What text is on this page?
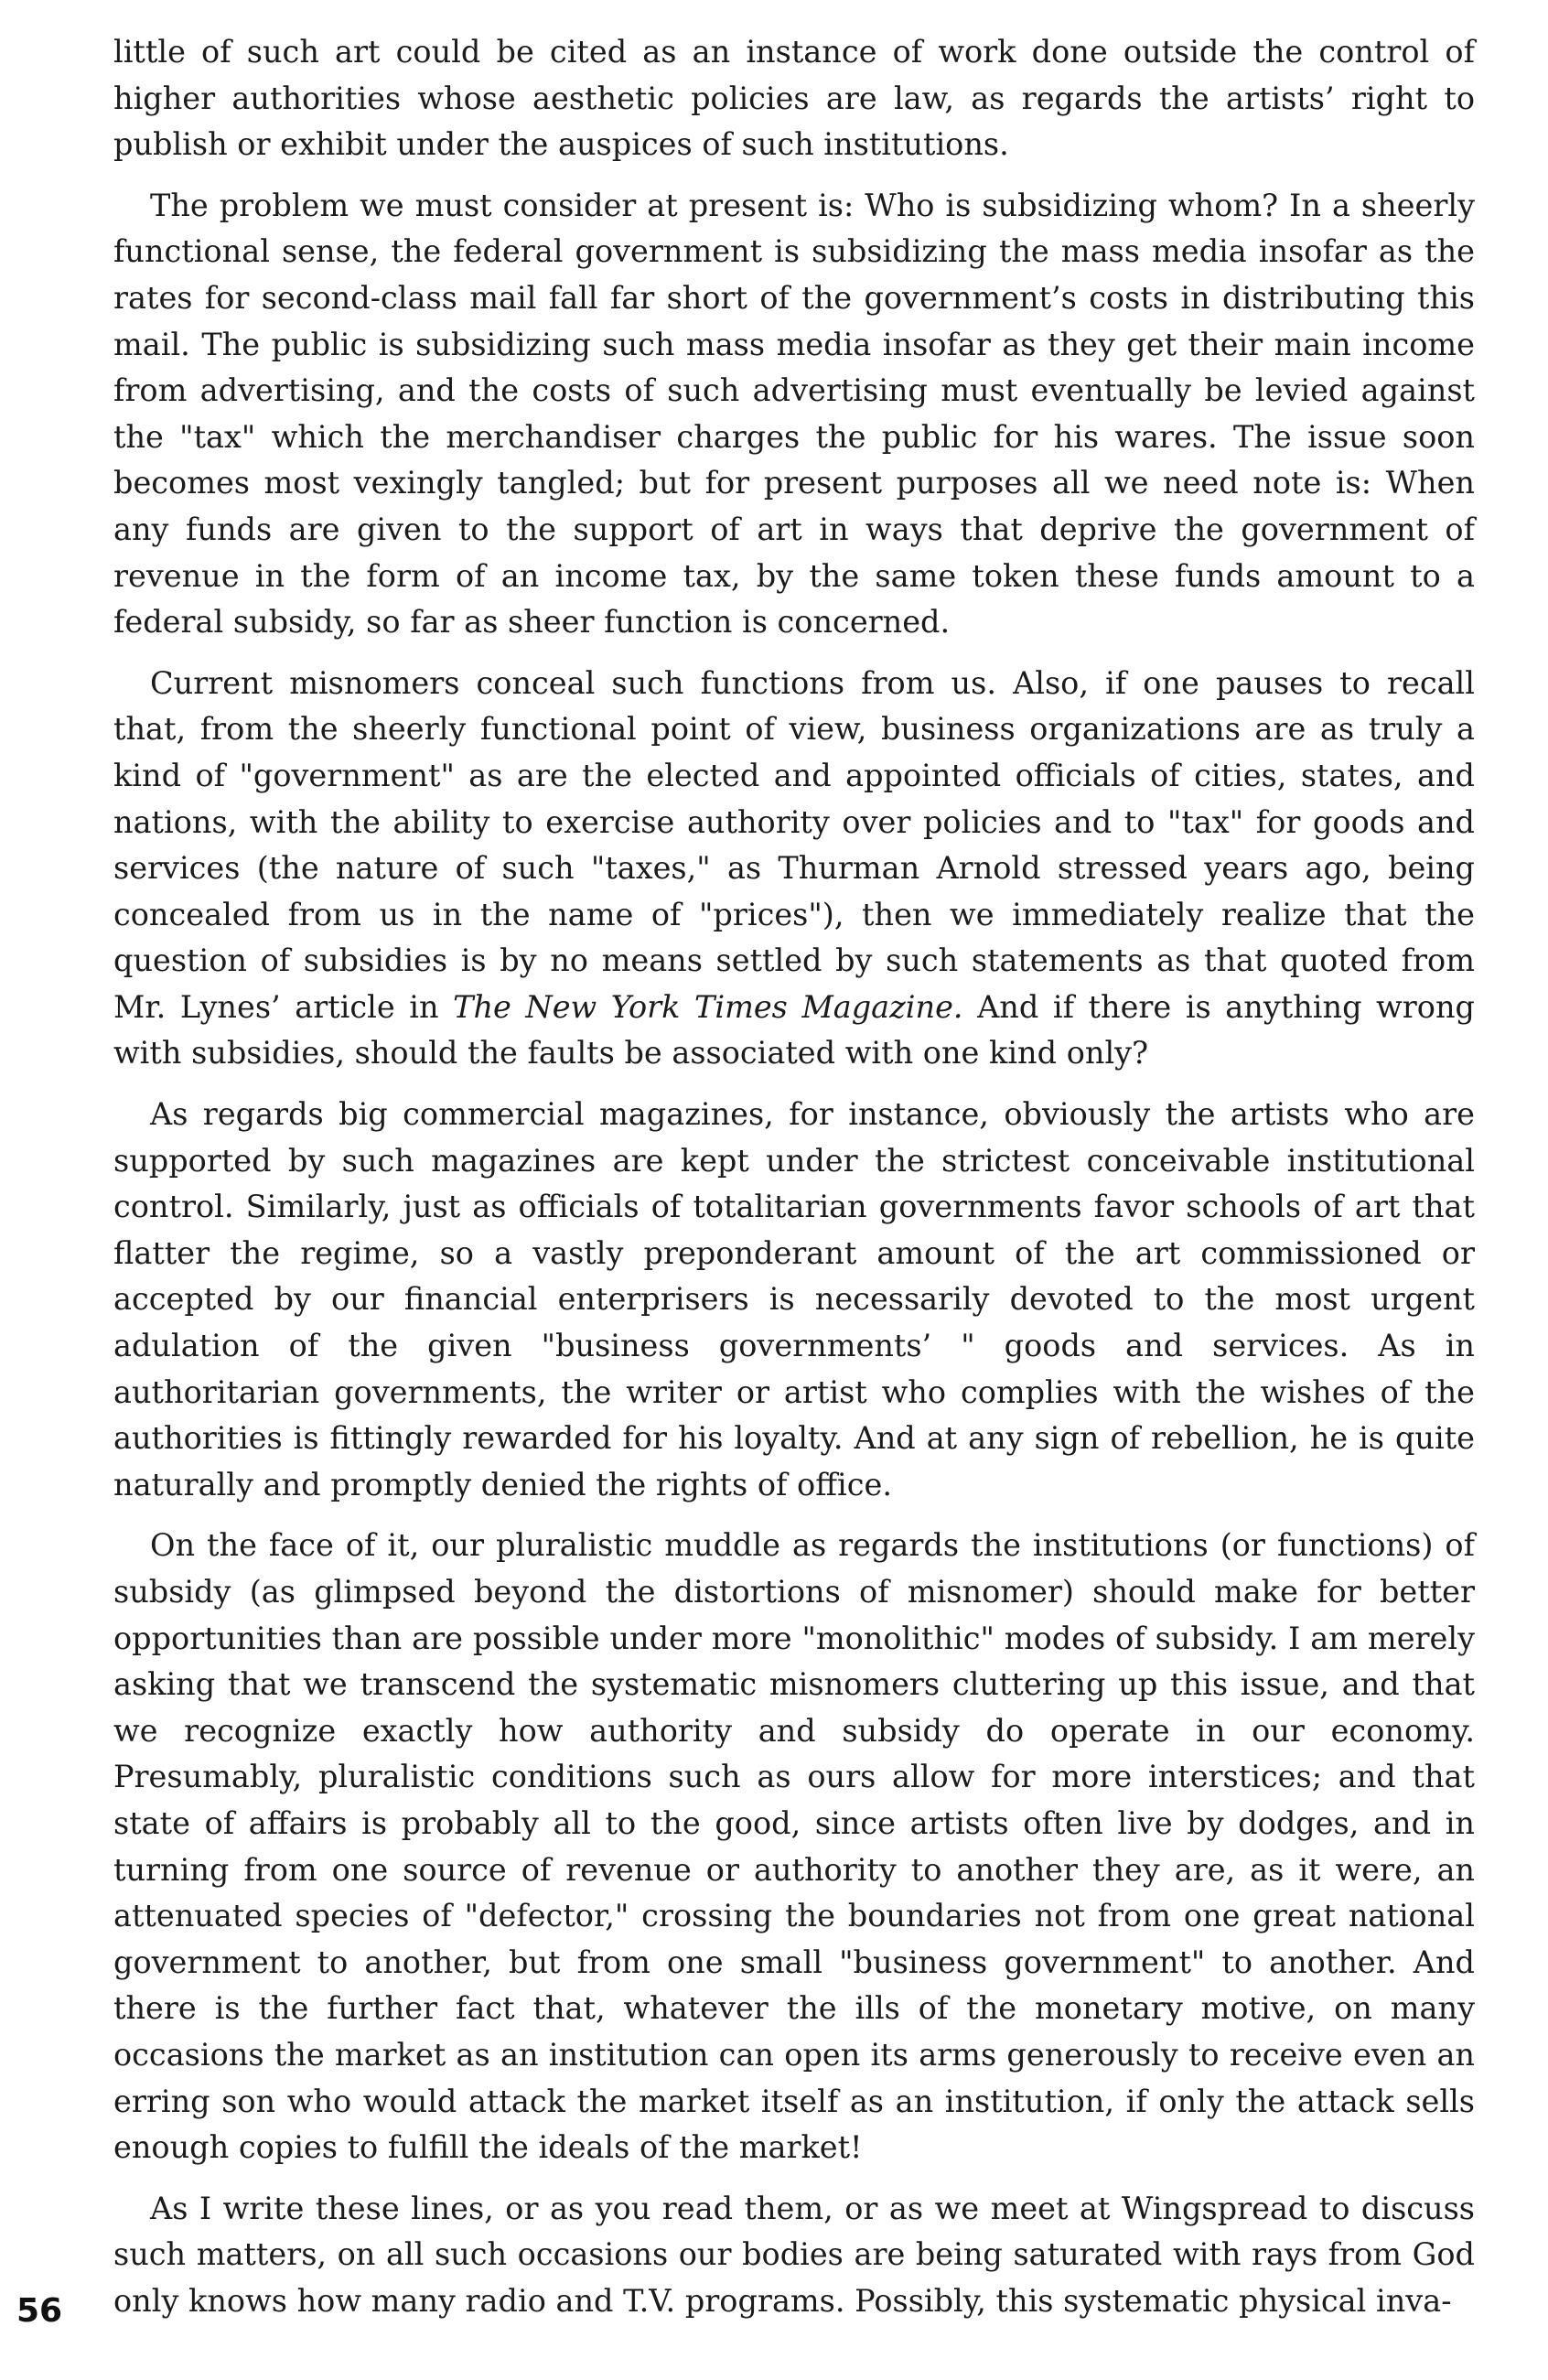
little of such art could be cited as an instance of work done outside the control of higher authorities whose aesthetic policies are law, as regards the artists’ right to publish or exhibit under the auspices of such institutions.

The problem we must consider at present is: Who is subsidizing whom? In a sheerly functional sense, the federal government is subsidizing the mass media insofar as the rates for second-class mail fall far short of the government’s costs in distributing this mail. The public is subsidizing such mass media insofar as they get their main income from advertising, and the costs of such advertising must eventually be levied against the "tax" which the merchandiser charges the public for his wares. The issue soon becomes most vexingly tangled; but for present purposes all we need note is: When any funds are given to the support of art in ways that deprive the government of revenue in the form of an income tax, by the same token these funds amount to a federal subsidy, so far as sheer function is concerned.

Current misnomers conceal such functions from us. Also, if one pauses to recall that, from the sheerly functional point of view, business organizations are as truly a kind of "government" as are the elected and appointed officials of cities, states, and nations, with the ability to exercise authority over policies and to "tax" for goods and services (the nature of such "taxes," as Thurman Arnold stressed years ago, being concealed from us in the name of "prices"), then we immediately realize that the question of subsidies is by no means settled by such statements as that quoted from Mr. Lynes’ article in The New York Times Magazine. And if there is anything wrong with subsidies, should the faults be associated with one kind only?

As regards big commercial magazines, for instance, obviously the artists who are supported by such magazines are kept under the strictest conceivable institutional control. Similarly, just as officials of totalitarian governments favor schools of art that flatter the regime, so a vastly preponderant amount of the art commissioned or accepted by our financial enterprisers is necessarily devoted to the most urgent adulation of the given "business governments’ " goods and services. As in authoritarian governments, the writer or artist who complies with the wishes of the authorities is fittingly rewarded for his loyalty. And at any sign of rebellion, he is quite naturally and promptly denied the rights of office.

On the face of it, our pluralistic muddle as regards the institutions (or functions) of subsidy (as glimpsed beyond the distortions of misnomer) should make for better opportunities than are possible under more "monolithic" modes of subsidy. I am merely asking that we transcend the systematic misnomers cluttering up this issue, and that we recognize exactly how authority and subsidy do operate in our economy. Presumably, pluralistic conditions such as ours allow for more interstices; and that state of affairs is probably all to the good, since artists often live by dodges, and in turning from one source of revenue or authority to another they are, as it were, an attenuated species of "defector," crossing the boundaries not from one great national government to another, but from one small "business government" to another. And there is the further fact that, whatever the ills of the monetary motive, on many occasions the market as an institution can open its arms generously to receive even an erring son who would attack the market itself as an institution, if only the attack sells enough copies to fulfill the ideals of the market!

As I write these lines, or as you read them, or as we meet at Wingspread to discuss such matters, on all such occasions our bodies are being saturated with rays from God only knows how many radio and T.V. programs. Possibly, this systematic physical inva-

56
